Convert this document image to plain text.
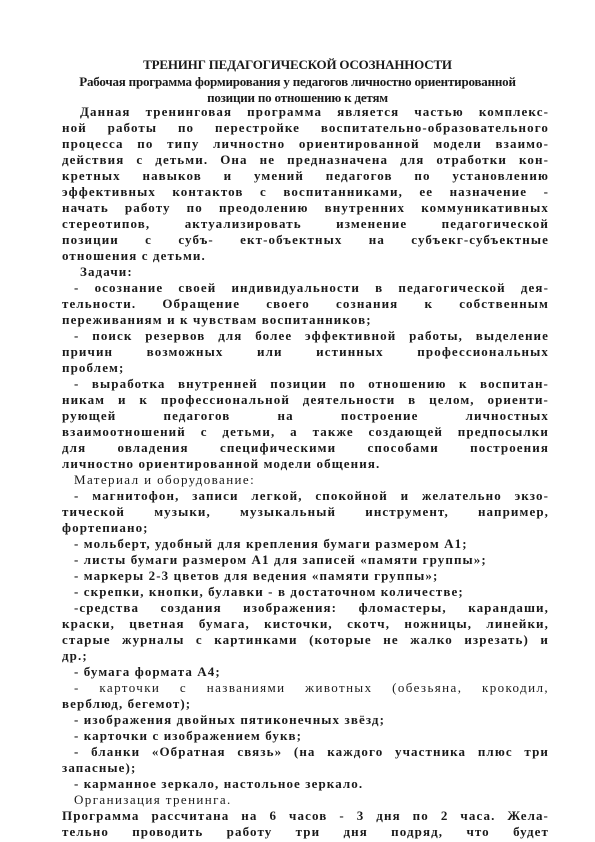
ТРЕНИНГ ПЕДАГОГИЧЕСКОЙ ОСОЗНАННОСТИ
Рабочая программа формирования у педагогов личностно ориентированной
позиции по отношению к детям
Данная тренинговая программа является частью комплекс-
ной работы по перестройке воспитательно-образовательного
процесса по типу личностно ориентированной модели взаимо-
действия с детьми. Она не предназначена для отработки кон-
кретных навыков и умений педагогов по установлению
эффективных контактов с воспитанниками, ее назначение -
начать работу по преодолению внутренних коммуникативных
стереотипов, актуализировать изменение педагогической
позиции с субъ- ект-объектных на субъекг-субъектные
отношения с детьми.
Задачи:
- осознание своей индивидуальности в педагогической дея-
тельности. Обращение своего сознания к собственным
переживаниям и к чувствам воспитанников;
- поиск резервов для более эффективной работы, выделение
причин возможных или истинных профессиональных
проблем;
- выработка внутренней позиции по отношению к воспитан-
никам и к профессиональной деятельности в целом, ориенти-
рующей педагогов на построение личностных
взаимоотношений с детьми, а также создающей предпосылки
для овладения специфическими способами построения
личностно ориентированной модели общения.
Материал и оборудование:
- магнитофон, записи легкой, спокойной и желательно экзо-
тической музыки, музыкальный инструмент, например,
фортепиано;
- мольберт, удобный для крепления бумаги размером А1;
- листы бумаги размером А1 для записей «памяти группы»;
- маркеры 2-3 цветов для ведения «памяти группы»;
- скрепки, кнопки, булавки - в достаточном количестве;
-средства создания изображения: фломастеры, карандаши,
краски, цветная бумага, кисточки, скотч, ножницы, линейки,
старые журналы с картинками (которые не жалко изрезать) и
др.;
- бумага формата А4;
- карточки с названиями животных (обезьяна, крокодил,
верблюд, бегемот);
- изображения двойных пятиконечных звёзд;
- карточки с изображением букв;
- бланки «Обратная связь» (на каждого участника плюс три
запасные);
- карманное зеркало, настольное зеркало.
Организация тренинга.
Программа рассчитана на 6 часов - 3 дня по 2 часа. Жела-
тельно проводить работу три дня подряд, что будет
